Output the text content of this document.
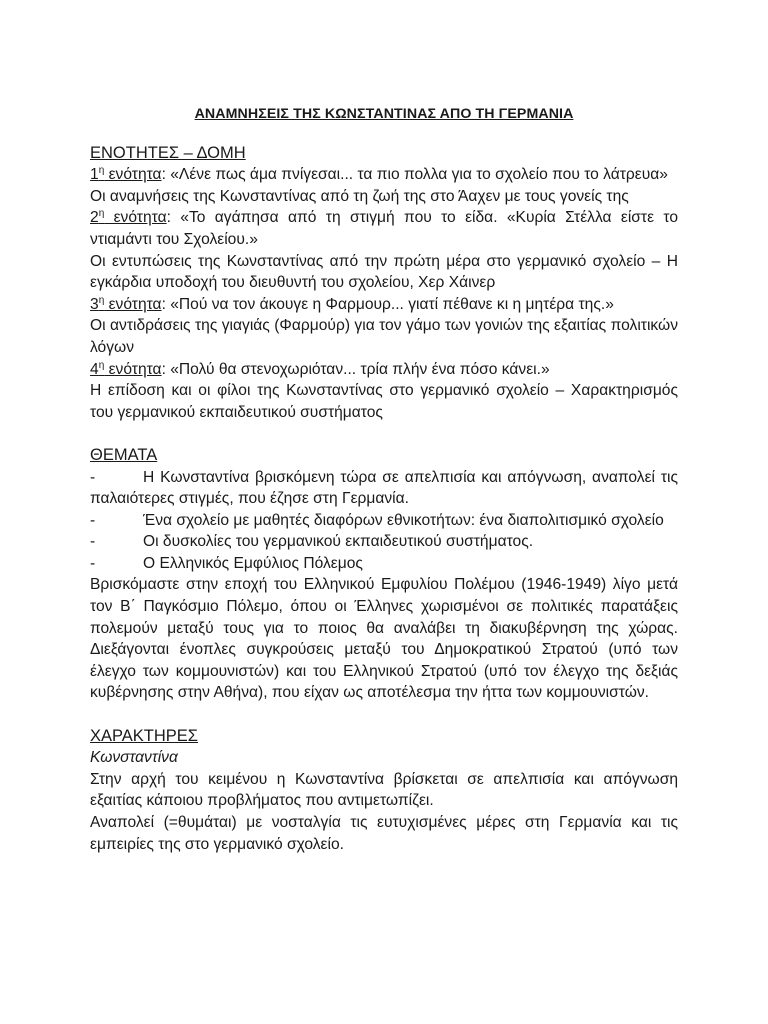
ΑΝΑΜΝΗΣΕΙΣ ΤΗΣ ΚΩΝΣΤΑΝΤΙΝΑΣ ΑΠΟ ΤΗ ΓΕΡΜΑΝΙΑ

ΕΝΟΤΗΤΕΣ – ΔΟΜΗ

$1^\eta$ ενότητα: «Λένε πως άμα πνίγεσαι... τα πιο πολλα για το σχολείο που το λάτρευα»

Οι αναμνήσεις της Κωνσταντίνας από τη ζωή της στο Άαχεν με τους γονείς της

$2^\eta$ ενότητα: «Το αγάπησα από τη στιγμή που το είδα. «Κυρία Στέλλα είστε το ντιαμάντι του Σχολείου.»

Οι εντυπώσεις της Κωνσταντίνας από την πρώτη μέρα στο γερμανικό σχολείο – Η εγκάρδια υποδοχή του διευθυντή του σχολείου, Χερ Χάινερ

$3^\eta$ ενότητα: «Πού να τον άκουγε η Φαρμουρ... γιατί πέθανε κι η μητέρα της.»

Οι αντιδράσεις της γιαγιάς (Φαρμούρ) για τον γάμο των γονιών της εξαιτίας πολιτικών λόγων

$4^\eta$ ενότητα: «Πολύ θα στενοχωριόταν... τρία πλήν ένα πόσο κάνει.»

Η επίδοση και οι φίλοι της Κωνσταντίνας στο γερμανικό σχολείο – Χαρακτηρισμός του γερμανικού εκπαιδευτικού συστήματος

ΘΕΜΑΤΑ

-	Η Κωνσταντίνα βρισκόμενη τώρα σε απελπισία και απόγνωση, αναπολεί τις παλαιότερες στιγμές, που έζησε στη Γερμανία.

-	Ένα σχολείο με μαθητές διαφόρων εθνικοτήτων: ένα διαπολιτισμικό σχολείο

-	Οι δυσκολίες του γερμανικού εκπαιδευτικού συστήματος.

-	Ο Ελληνικός Εμφύλιος Πόλεμος

Βρισκόμαστε στην εποχή του Ελληνικού Εμφυλίου Πολέμου (1946-1949) λίγο μετά τον Β΄ Παγκόσμιο Πόλεμο, όπου οι Έλληνες χωρισμένοι σε πολιτικές παρατάξεις πολεμούν μεταξύ τους για το ποιος θα αναλάβει τη διακυβέρνηση της χώρας. Διεξάγονται ένοπλες συγκρούσεις μεταξύ του Δημοκρατικού Στρατού (υπό των έλεγχο των κομμουνιστών) και του Ελληνικού Στρατού (υπό τον έλεγχο της δεξιάς κυβέρνησης στην Αθήνα), που είχαν ως αποτέλεσμα την ήττα των κομμουνιστών.

ΧΑΡΑΚΤΗΡΕΣ

Κωνσταντίνα

Στην αρχή του κειμένου η Κωνσταντίνα βρίσκεται σε απελπισία και απόγνωση εξαιτίας κάποιου προβλήματος που αντιμετωπίζει.

Αναπολεί (=θυμάται) με νοσταλγία τις ευτυχισμένες μέρες στη Γερμανία και τις εμπειρίες της στο γερμανικό σχολείο.
